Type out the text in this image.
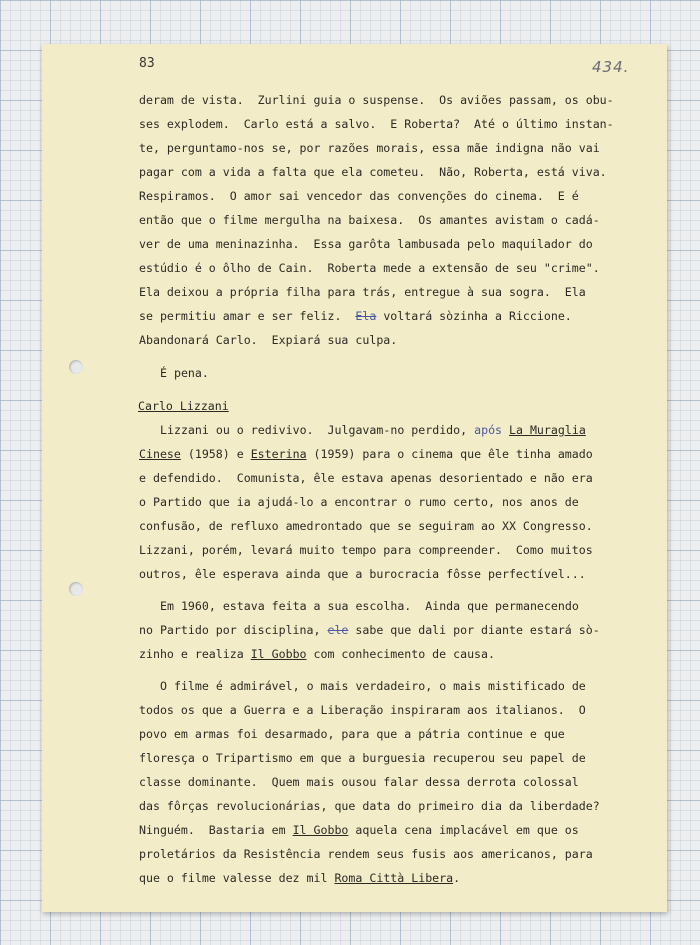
83	434.

deram de vista.  Zurlini guia o suspense.  Os aviões passam, os obu-

ses explodem.  Carlo está a salvo.  E Roberta?  Até o último instan-

te, perguntamo-nos se, por razões morais, essa mãe indigna não vai

pagar com a vida a falta que ela cometeu.  Não, Roberta, está viva.

Respiramos.  O amor sai vencedor das convenções do cinema.  E é

então que o filme mergulha na baixesa.  Os amantes avistam o cadá-

ver de uma meninazinha.  Essa garôta lambusada pelo maquilador do

estúdio é o ôlho de Cain.  Roberta mede a extensão de seu "crime".

Ela deixou a própria filha para trás, entregue à sua sogra.  Ela

se permitiu amar e ser feliz.  Ela voltará sòzinha a Riccione.

Abandonará Carlo.  Expiará sua culpa.

É pena.

Carlo Lizzani

Lizzani ou o redivivo.  Julgavam-no perdido, após La Muraglia

Cinese (1958) e Esterina (1959) para o cinema que êle tinha amado

e defendido.  Comunista, êle estava apenas desorientado e não era

o Partido que ia ajudá-lo a encontrar o rumo certo, nos anos de

confusão, de refluxo amedrontado que se seguiram ao XX Congresso.

Lizzani, porém, levará muito tempo para compreender.  Como muitos

outros, êle esperava ainda que a burocracia fôsse perfectível...

Em 1960, estava feita a sua escolha.  Ainda que permanecendo

no Partido por disciplina, ele sabe que dali por diante estará sò-

zinho e realiza Il Gobbo com conhecimento de causa.

O filme é admirável, o mais verdadeiro, o mais mistificado de

todos os que a Guerra e a Liberação inspiraram aos italianos.  O

povo em armas foi desarmado, para que a pátria continue e que

floresça o Tripartismo em que a burguesia recuperou seu papel de

classe dominante.  Quem mais ousou falar dessa derrota colossal

das fôrças revolucionárias, que data do primeiro dia da liberdade?

Ninguém.  Bastaria em Il Gobbo aquela cena implacável em que os

proletários da Resistência rendem seus fusis aos americanos, para

que o filme valesse dez mil Roma Città Libera.
